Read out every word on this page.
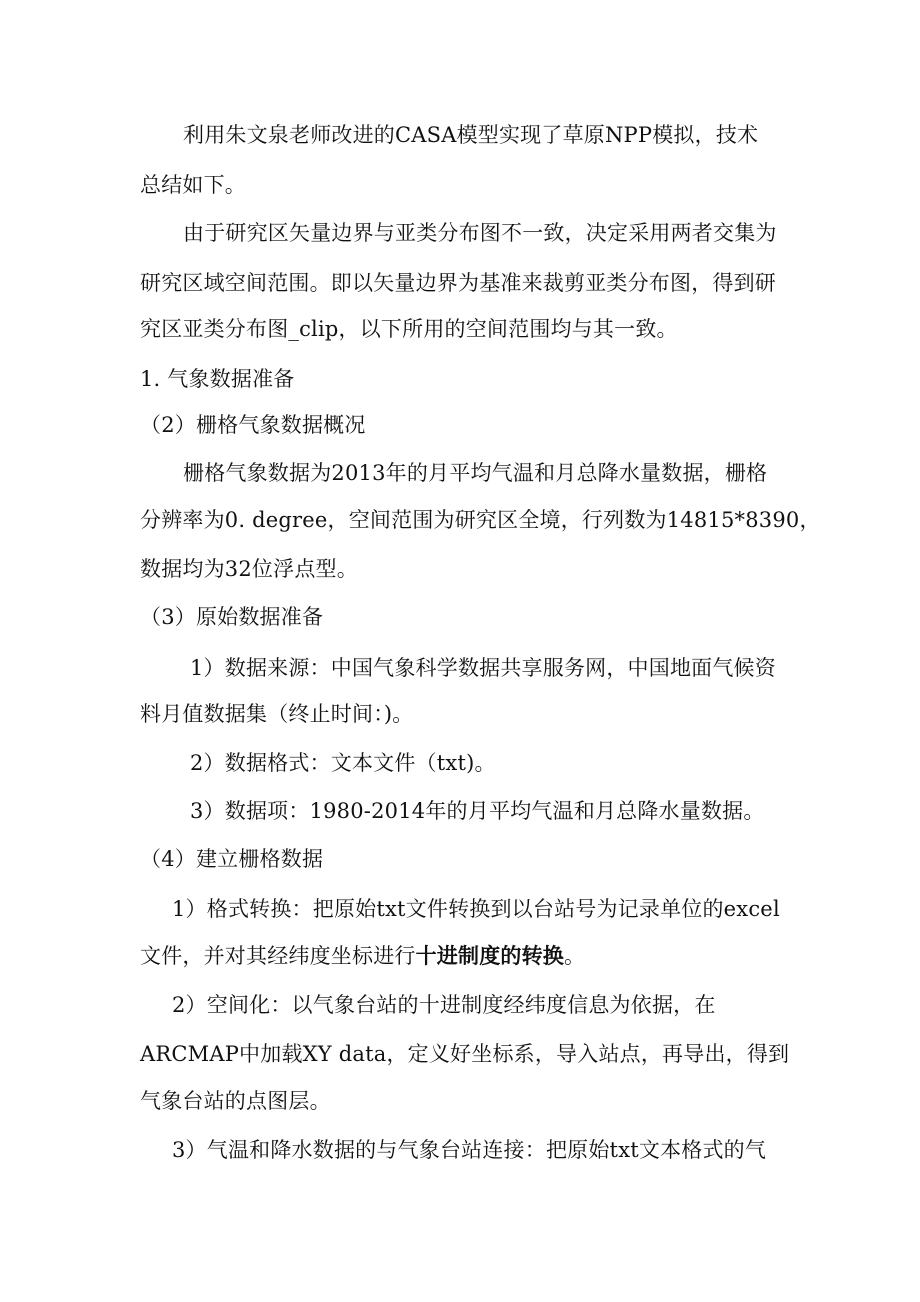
利用朱文泉老师改进的CASA模型实现了草原NPP模拟，技术
总结如下。
由于研究区矢量边界与亚类分布图不一致，决定采用两者交集为
研究区域空间范围。即以矢量边界为基准来裁剪亚类分布图，得到研
究区亚类分布图_clip，以下所用的空间范围均与其一致。
1. 气象数据准备
（2）栅格气象数据概况
栅格气象数据为2013年的月平均气温和月总降水量数据，栅格
分辨率为0. degree，空间范围为研究区全境，行列数为14815*8390，
数据均为32位浮点型。
（3）原始数据准备
1）数据来源：中国气象科学数据共享服务网，中国地面气候资
料月值数据集（终止时间：)。
2）数据格式：文本文件（txt)。
3）数据项：1980-2014年的月平均气温和月总降水量数据。
（4）建立栅格数据
1）格式转换：把原始txt文件转换到以台站号为记录单位的excel
文件，并对其经纬度坐标进行十进制度的转换。
2）空间化：以气象台站的十进制度经纬度信息为依据，在
ARCMAP中加载XY data，定义好坐标系，导入站点，再导出，得到
气象台站的点图层。
3）气温和降水数据的与气象台站连接：把原始txt文本格式的气
